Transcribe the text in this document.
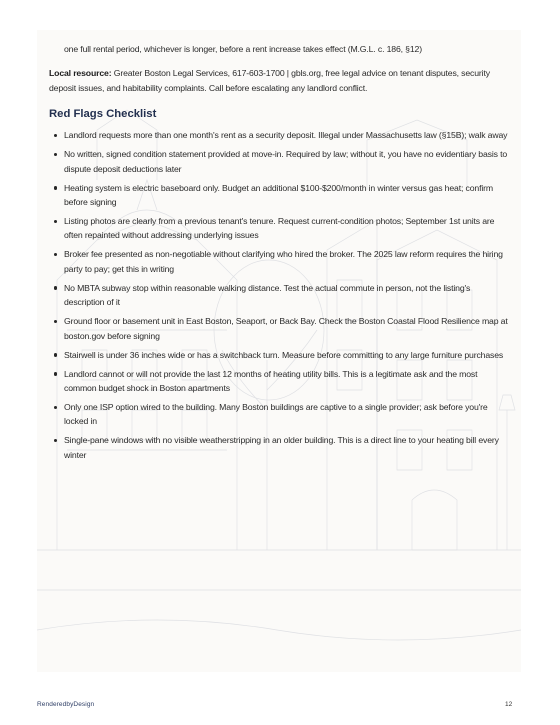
one full rental period, whichever is longer, before a rent increase takes effect (M.G.L. c. 186, §12)

Local resource: Greater Boston Legal Services, 617-603-1700 | gbls.org, free legal advice on tenant disputes, security deposit issues, and habitability complaints. Call before escalating any landlord conflict.

Red Flags Checklist
Landlord requests more than one month's rent as a security deposit. Illegal under Massachusetts law (§15B); walk away
No written, signed condition statement provided at move-in. Required by law; without it, you have no evidentiary basis to dispute deposit deductions later
Heating system is electric baseboard only. Budget an additional $100-$200/month in winter versus gas heat; confirm before signing
Listing photos are clearly from a previous tenant's tenure. Request current-condition photos; September 1st units are often repainted without addressing underlying issues
Broker fee presented as non-negotiable without clarifying who hired the broker. The 2025 law reform requires the hiring party to pay; get this in writing
No MBTA subway stop within reasonable walking distance. Test the actual commute in person, not the listing's description of it
Ground floor or basement unit in East Boston, Seaport, or Back Bay. Check the Boston Coastal Flood Resilience map at boston.gov before signing
Stairwell is under 36 inches wide or has a switchback turn. Measure before committing to any large furniture purchases
Landlord cannot or will not provide the last 12 months of heating utility bills. This is a legitimate ask and the most common budget shock in Boston apartments
Only one ISP option wired to the building. Many Boston buildings are captive to a single provider; ask before you're locked in
Single-pane windows with no visible weatherstripping in an older building. This is a direct line to your heating bill every winter
RenderedbyDesign	12
